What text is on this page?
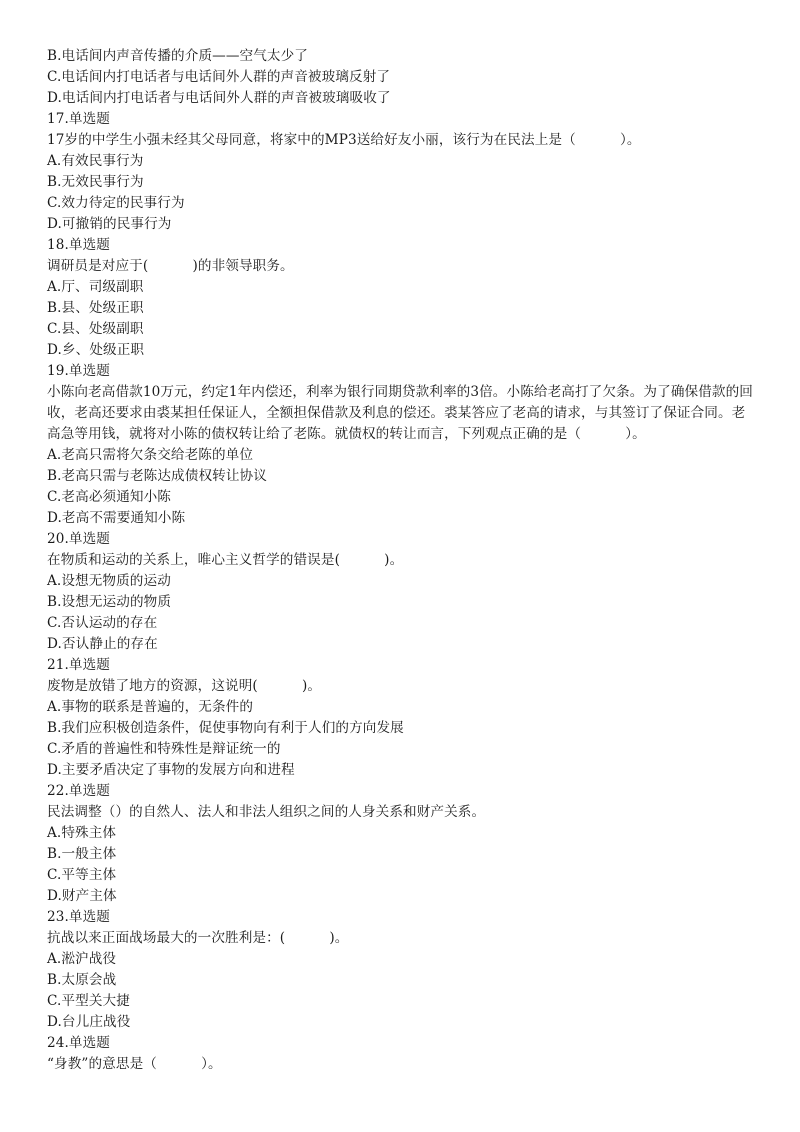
B.电话间内声音传播的介质——空气太少了
C.电话间内打电话者与电话间外人群的声音被玻璃反射了
D.电话间内打电话者与电话间外人群的声音被玻璃吸收了
17.单选题
17岁的中学生小强未经其父母同意，将家中的MP3送给好友小丽，该行为在民法上是（          ）。
A.有效民事行为
B.无效民事行为
C.效力待定的民事行为
D.可撤销的民事行为
18.单选题
调研员是对应于(          )的非领导职务。
A.厅、司级副职
B.县、处级正职
C.县、处级副职
D.乡、处级正职
19.单选题
小陈向老高借款10万元，约定1年内偿还，利率为银行同期贷款利率的3倍。小陈给老高打了欠条。为了确保借款的回收，老高还要求由裘某担任保证人，全额担保借款及利息的偿还。裘某答应了老高的请求，与其签订了保证合同。老高急等用钱，就将对小陈的债权转让给了老陈。就债权的转让而言，下列观点正确的是（          ）。
A.老高只需将欠条交给老陈的单位
B.老高只需与老陈达成债权转让协议
C.老高必须通知小陈
D.老高不需要通知小陈
20.单选题
在物质和运动的关系上，唯心主义哲学的错误是(          )。
A.设想无物质的运动
B.设想无运动的物质
C.否认运动的存在
D.否认静止的存在
21.单选题
废物是放错了地方的资源，这说明(          )。
A.事物的联系是普遍的，无条件的
B.我们应积极创造条件，促使事物向有利于人们的方向发展
C.矛盾的普遍性和特殊性是辩证统一的
D.主要矛盾决定了事物的发展方向和进程
22.单选题
民法调整（）的自然人、法人和非法人组织之间的人身关系和财产关系。
A.特殊主体
B.一般主体
C.平等主体
D.财产主体
23.单选题
抗战以来正面战场最大的一次胜利是：(          )。
A.淞沪战役
B.太原会战
C.平型关大捷
D.台儿庄战役
24.单选题
“身教”的意思是（          ）。
